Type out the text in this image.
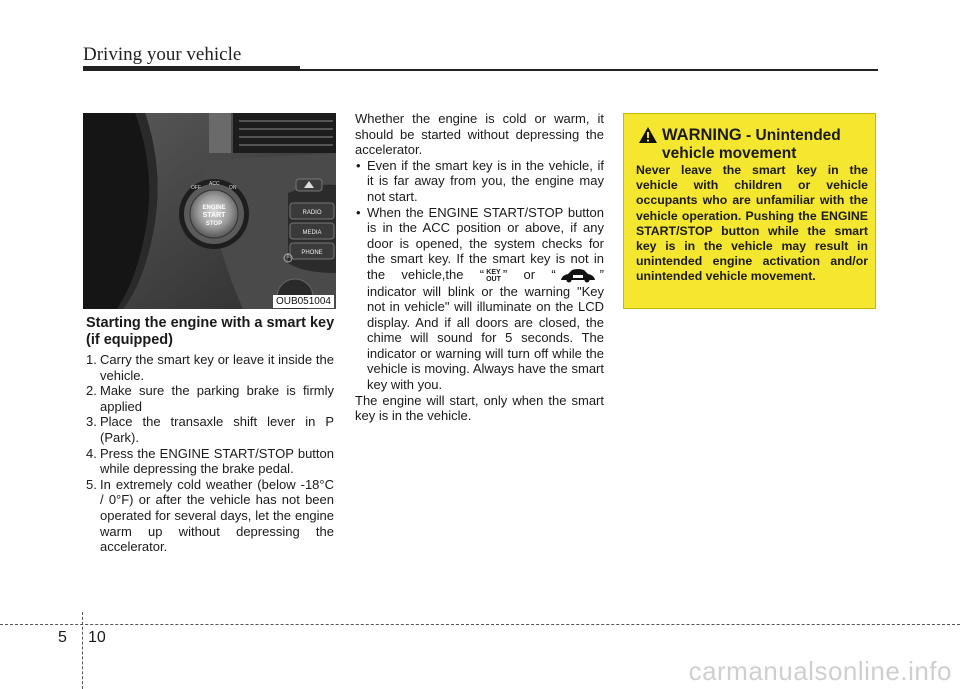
Driving your vehicle
ENGINE
START
STOP
OFF
ACC
ON
RADIO
MEDIA
PHONE
OUB051004
Starting the engine with a smart key (if equipped)
1. Carry the smart key or leave it inside the vehicle.
2. Make sure the parking brake is firmly applied
3. Place the transaxle shift lever in P (Park).
4. Press the ENGINE START/STOP button while depressing the brake pedal.
5. In extremely cold weather (below -18°C / 0°F) or after the vehicle has not been operated for several days, let the engine warm up without depressing the accelerator.

Whether the engine is cold or warm, it should be started without depressing the accelerator.

• Even if the smart key is in the vehicle, if it is far away from you, the engine may not start.
• When the ENGINE START/STOP button is in the ACC position or above, if any door is opened, the system checks for the smart key. If the smart key is not in the vehicle,the “ KEY
OUT ” or “	” indicator will blink or the warning "Key not in vehicle" will illuminate on the LCD display. And if all doors are closed, the chime will sound for 5 seconds. The indicator or warning will turn off while the vehicle is moving. Always have the smart key with you.

The engine will start, only when the smart key is in the vehicle.

WARNING - Unintended vehicle movement
Never leave the smart key in the vehicle with children or vehicle occupants who are unfamiliar with the vehicle operation. Pushing the ENGINE START/STOP button while the smart key is in the vehicle may result in unintended engine activation and/or unintended vehicle movement.
5 10
carmanualsonline.info
